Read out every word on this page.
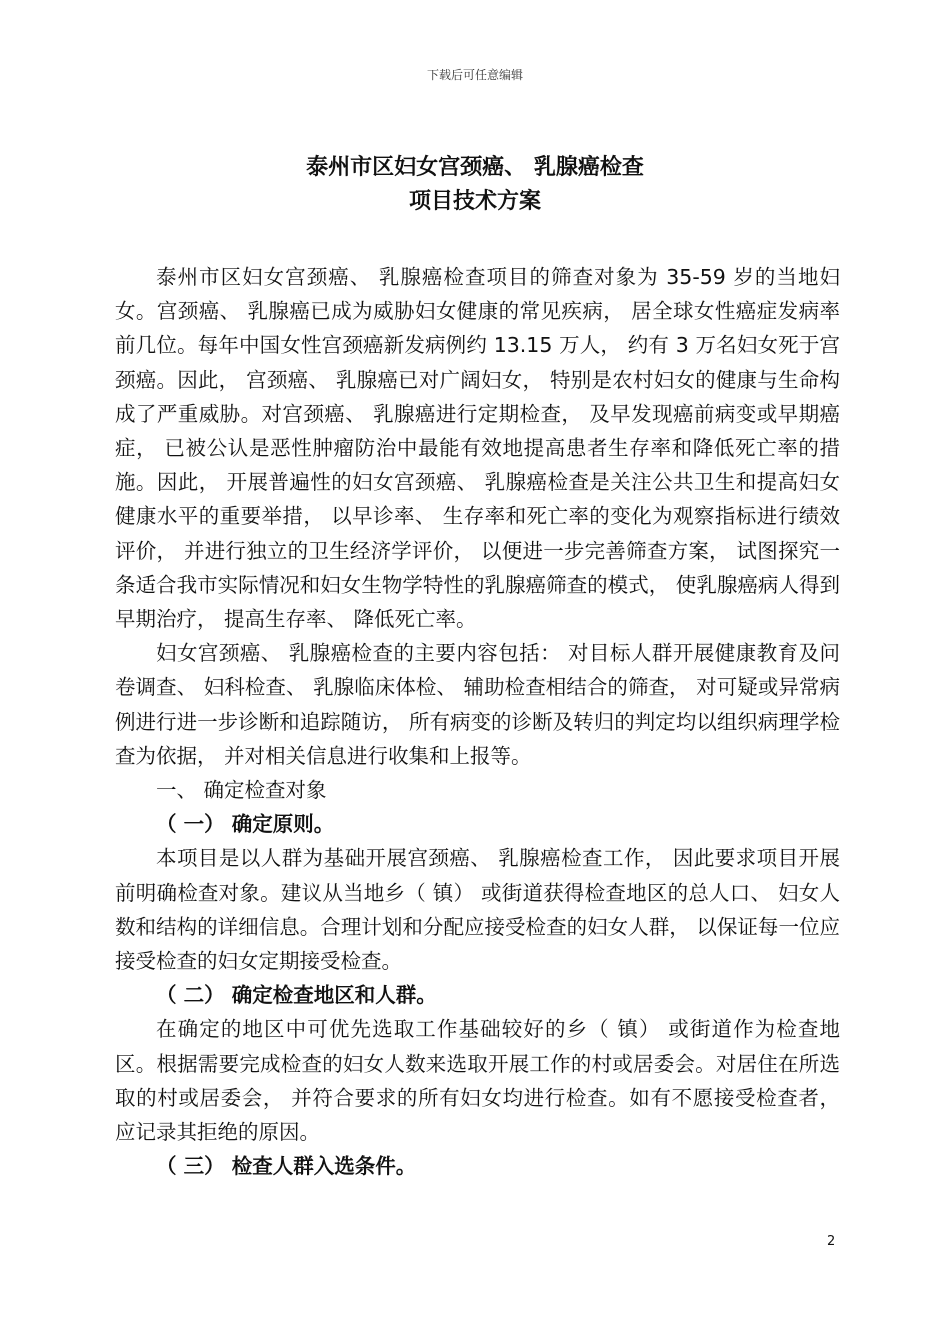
下载后可任意编辑
泰州市区妇女宫颈癌、 乳腺癌检查
项目技术方案

泰州市区妇女宫颈癌、 乳腺癌检查项目的筛查对象为 35-59 岁的当地妇女。宫颈癌、 乳腺癌已成为威胁妇女健康的常见疾病， 居全球女性癌症发病率前几位。每年中国女性宫颈癌新发病例约 13.15 万人， 约有 3 万名妇女死于宫颈癌。因此， 宫颈癌、 乳腺癌已对广阔妇女， 特别是农村妇女的健康与生命构成了严重威胁。对宫颈癌、 乳腺癌进行定期检查， 及早发现癌前病变或早期癌症， 已被公认是恶性肿瘤防治中最能有效地提高患者生存率和降低死亡率的措施。因此， 开展普遍性的妇女宫颈癌、 乳腺癌检查是关注公共卫生和提高妇女健康水平的重要举措， 以早诊率、 生存率和死亡率的变化为观察指标进行绩效评价， 并进行独立的卫生经济学评价， 以便进一步完善筛查方案， 试图探究一条适合我市实际情况和妇女生物学特性的乳腺癌筛查的模式， 使乳腺癌病人得到早期治疗， 提高生存率、 降低死亡率。

妇女宫颈癌、 乳腺癌检查的主要内容包括： 对目标人群开展健康教育及问卷调查、 妇科检查、 乳腺临床体检、 辅助检查相结合的筛查， 对可疑或异常病例进行进一步诊断和追踪随访， 所有病变的诊断及转归的判定均以组织病理学检查为依据， 并对相关信息进行收集和上报等。

一、 确定检查对象

（ 一） 确定原则。

本项目是以人群为基础开展宫颈癌、 乳腺癌检查工作， 因此要求项目开展前明确检查对象。建议从当地乡（ 镇） 或街道获得检查地区的总人口、 妇女人数和结构的详细信息。合理计划和分配应接受检查的妇女人群， 以保证每一位应接受检查的妇女定期接受检查。

（ 二） 确定检查地区和人群。

在确定的地区中可优先选取工作基础较好的乡（ 镇） 或街道作为检查地区。根据需要完成检查的妇女人数来选取开展工作的村或居委会。对居住在所选取的村或居委会， 并符合要求的所有妇女均进行检查。如有不愿接受检查者， 应记录其拒绝的原因。

（ 三） 检查人群入选条件。

2
